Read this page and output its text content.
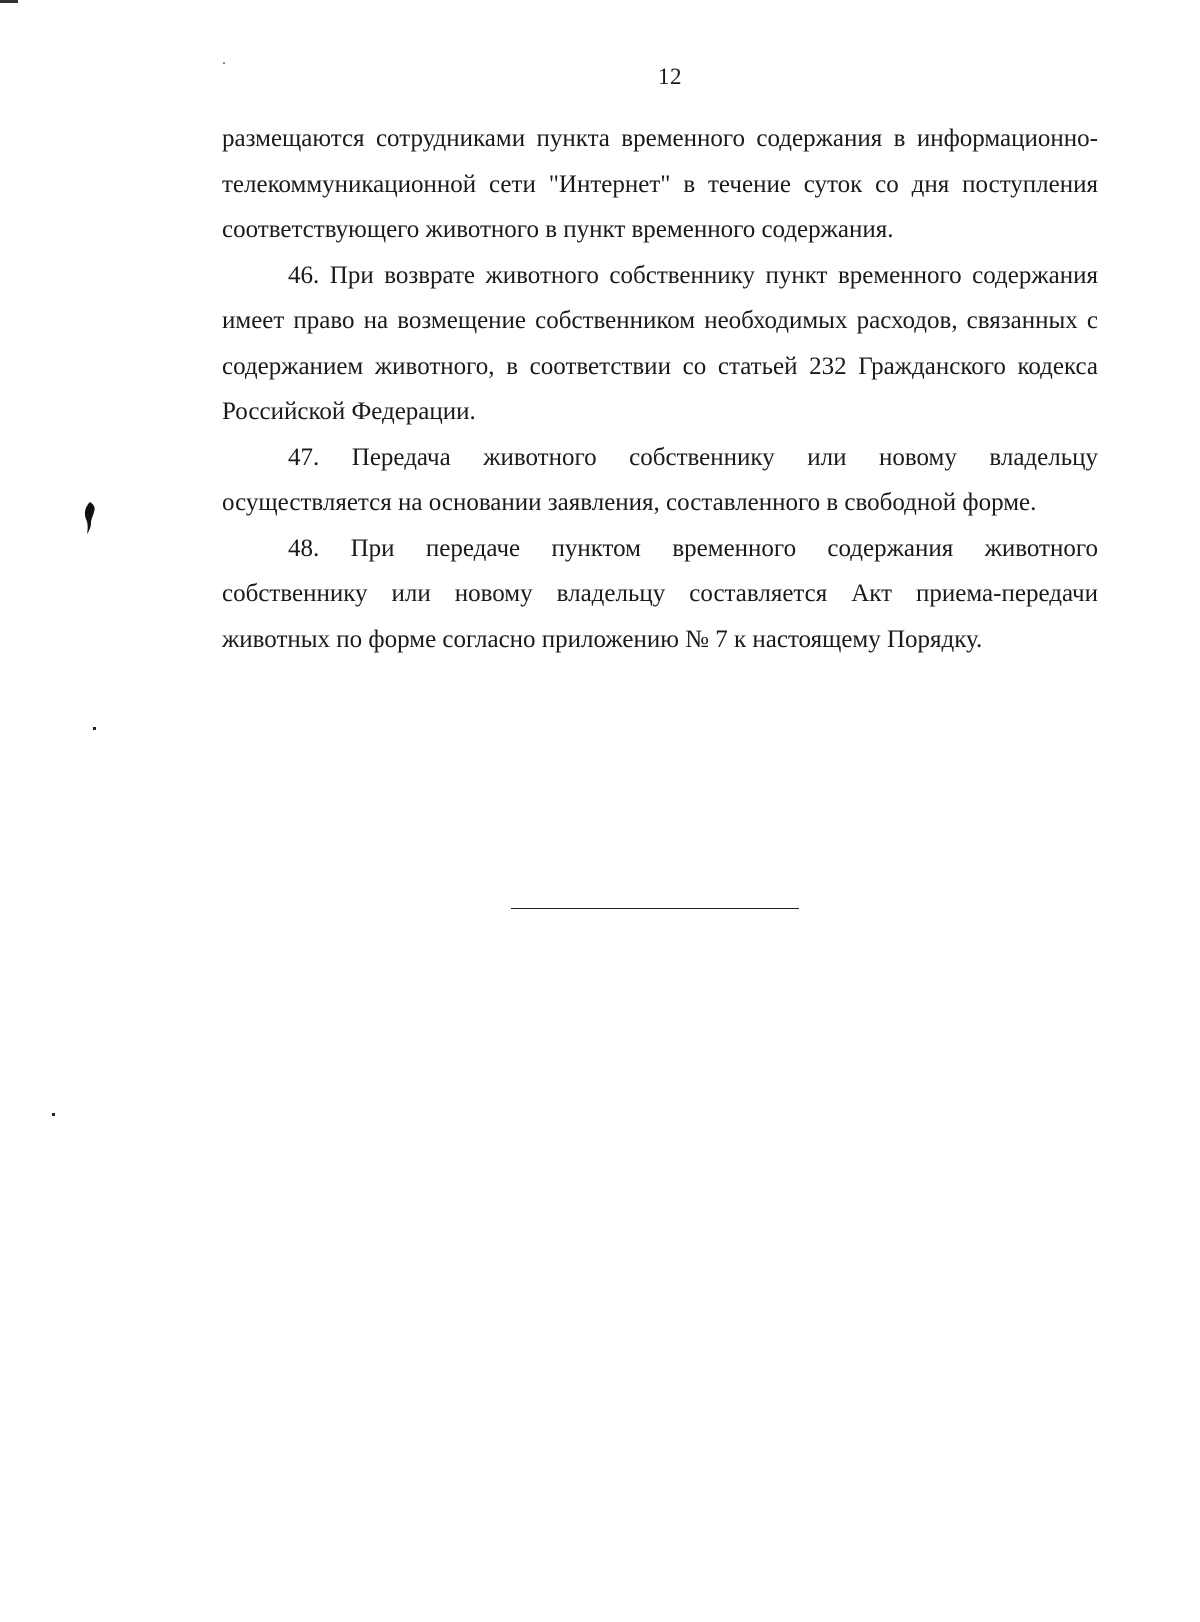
12

размещаются сотрудниками пункта временного содержания в информационно-телекоммуникационной сети "Интернет" в течение суток со дня поступления соответствующего животного в пункт временного содержания.

46. При возврате животного собственнику пункт временного содержания имеет право на возмещение собственником необходимых расходов, связанных с содержанием животного, в соответствии со статьей 232 Гражданского кодекса Российской Федерации.

47. Передача животного собственнику или новому владельцу осуществляется на основании заявления, составленного в свободной форме.

48. При передаче пунктом временного содержания животного собственнику или новому владельцу составляется Акт приема-передачи животных по форме согласно приложению № 7 к настоящему Порядку.
